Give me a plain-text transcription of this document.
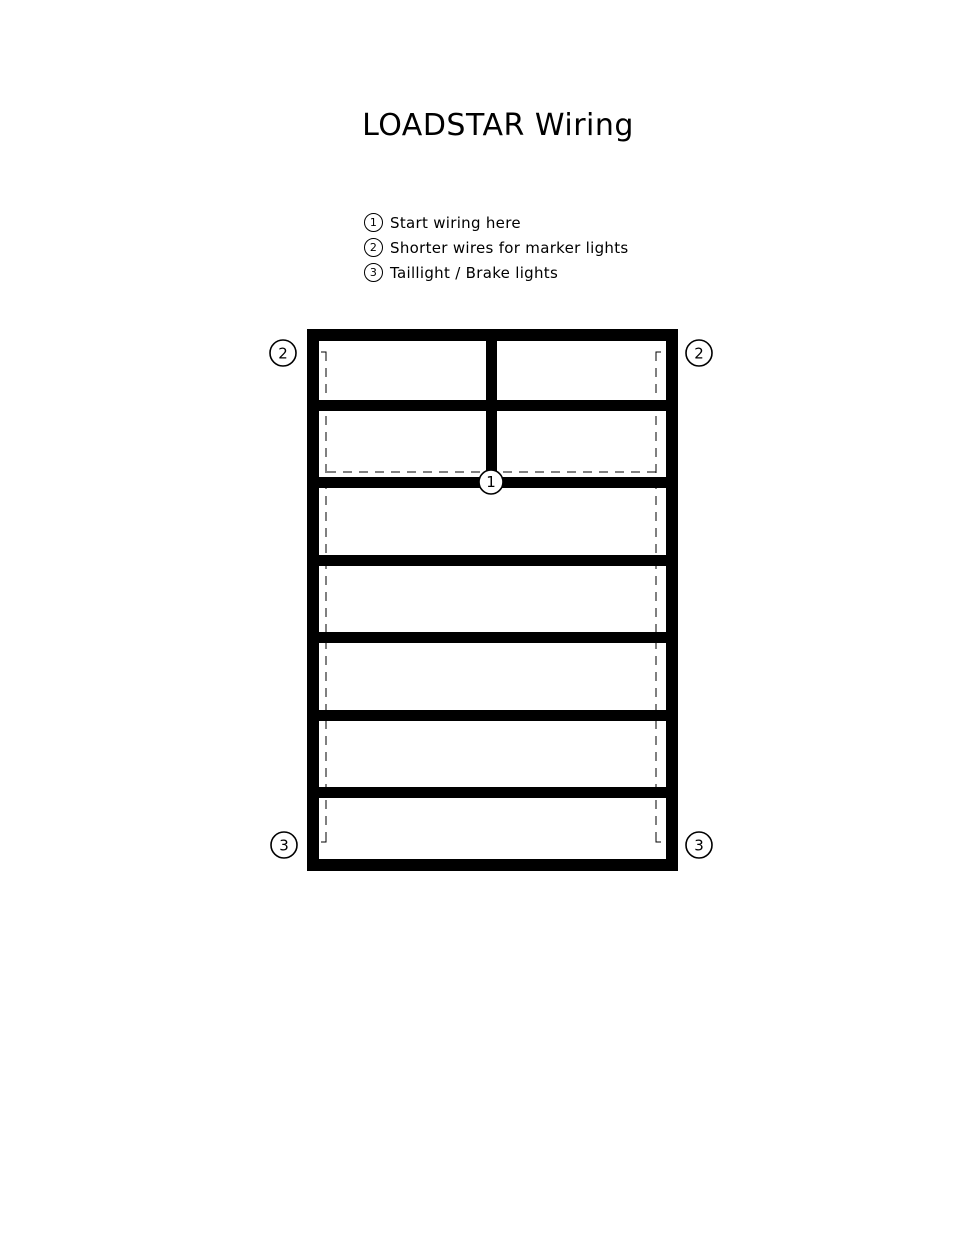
LOADSTAR Wiring
1 Start wiring here
2 Shorter wires for marker lights
3 Taillight / Brake lights
1
2	2
3	3
